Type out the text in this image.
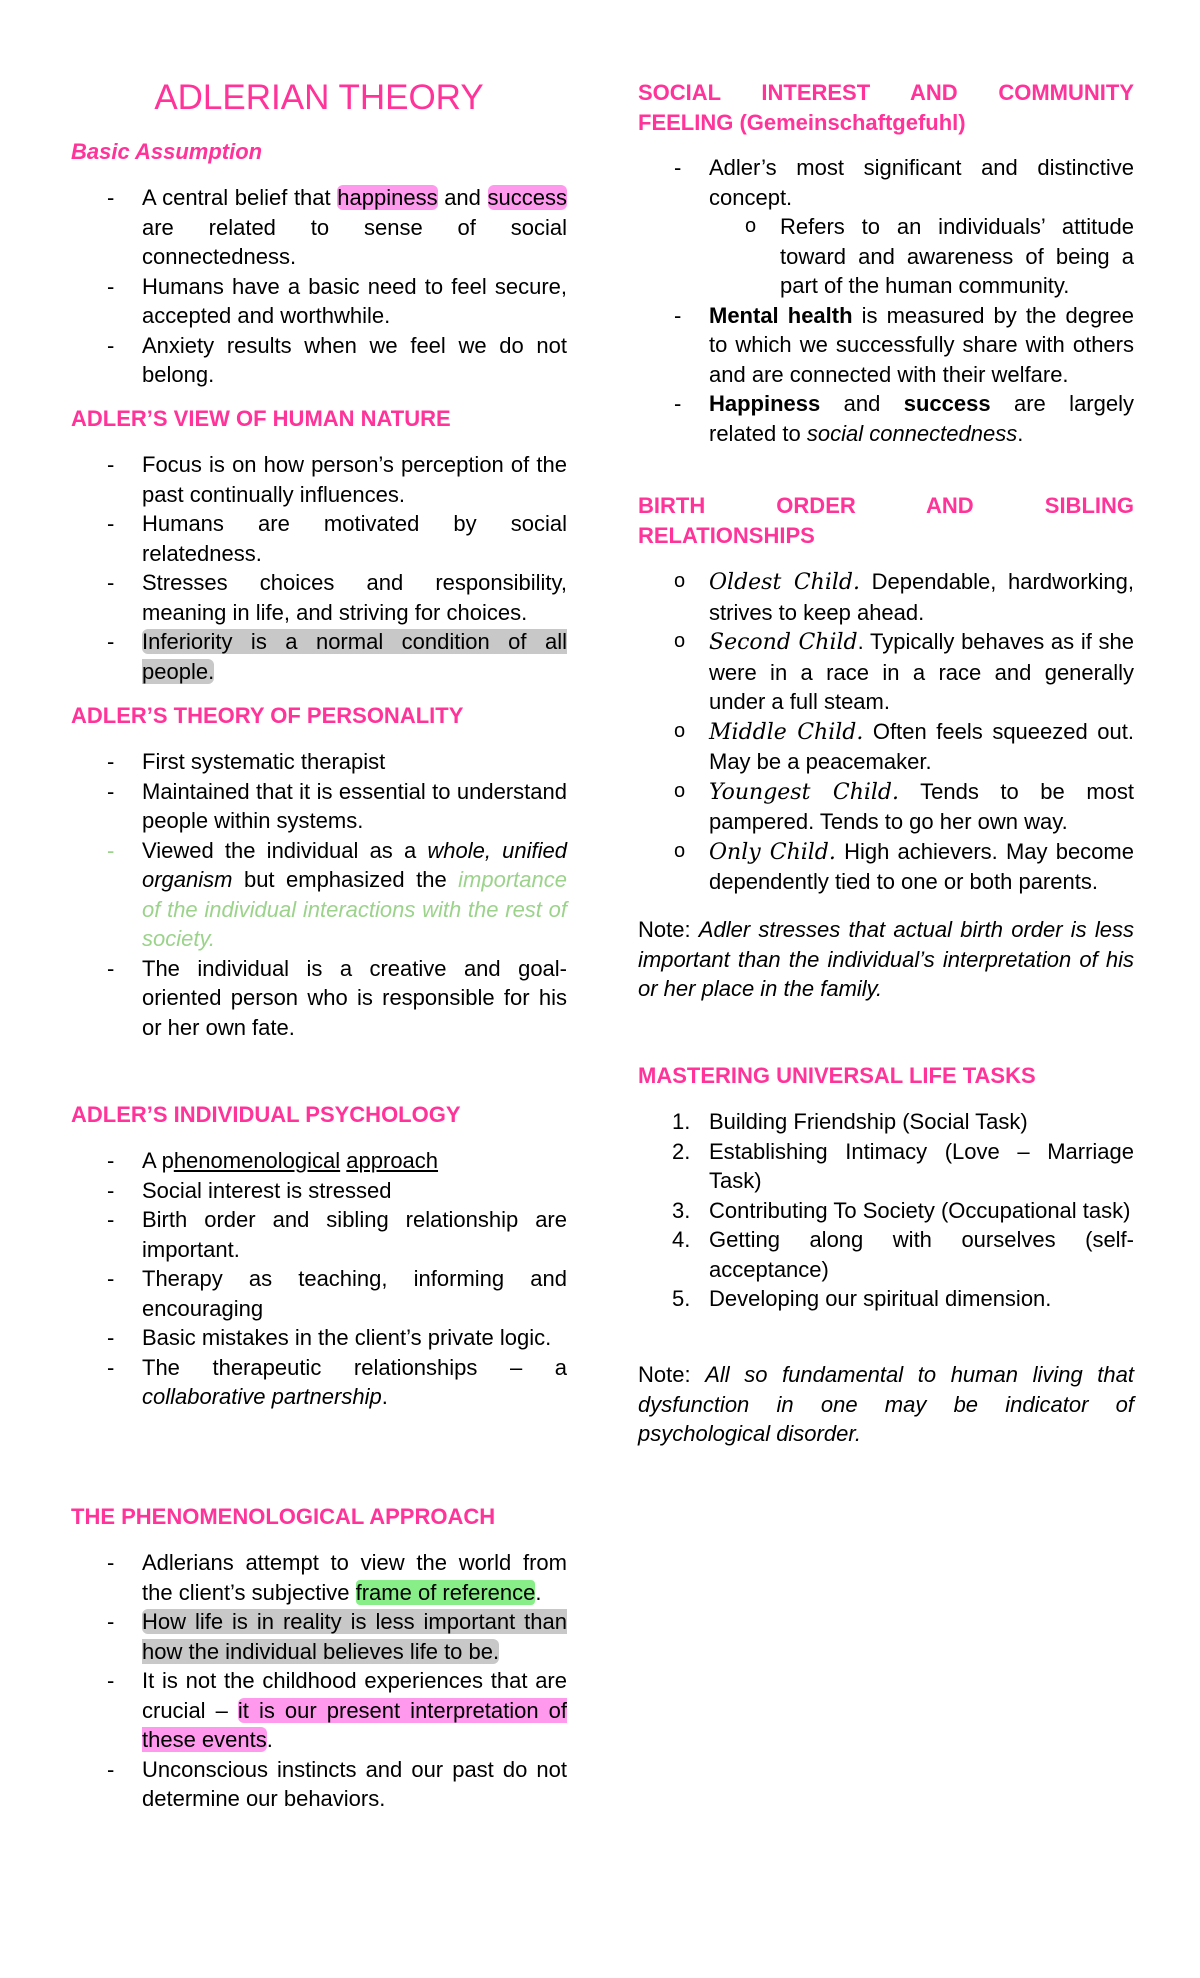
ADLERIAN THEORY
Basic Assumption
- A central belief that happiness and success are related to sense of social connectedness.
- Humans have a basic need to feel secure, accepted and worthwhile.
- Anxiety results when we feel we do not belong.
ADLER’S VIEW OF HUMAN NATURE
- Focus is on how person’s perception of the past continually influences.
- Humans are motivated by social relatedness.
- Stresses choices and responsibility, meaning in life, and striving for choices.
- Inferiority is a normal condition of all people.
ADLER’S THEORY OF PERSONALITY
- First systematic therapist
- Maintained that it is essential to understand people within systems.
- Viewed the individual as a whole, unified organism but emphasized the importance of the individual interactions with the rest of society.
- The individual is a creative and goal-oriented person who is responsible for his or her own fate.
ADLER’S INDIVIDUAL PSYCHOLOGY
- A phenomenological approach
- Social interest is stressed
- Birth order and sibling relationship are important.
- Therapy as teaching, informing and encouraging
- Basic mistakes in the client’s private logic.
- The therapeutic relationships – a collaborative partnership.
THE PHENOMENOLOGICAL APPROACH
- Adlerians attempt to view the world from the client’s subjective frame of reference.
- How life is in reality is less important than how the individual believes life to be.
- It is not the childhood experiences that are crucial – it is our present interpretation of these events.
- Unconscious instincts and our past do not determine our behaviors.
SOCIAL INTEREST AND COMMUNITY
FEELING (Gemeinschaftgefuhl)
- Adler’s most significant and distinctive concept.
o Refers to an individuals’ attitude toward and awareness of being a part of the human community.
- Mental health is measured by the degree to which we successfully share with others and are connected with their welfare.
- Happiness and success are largely related to social connectedness.
BIRTH ORDER AND SIBLING
RELATIONSHIPS
o Oldest Child. Dependable, hardworking, strives to keep ahead.
o Second Child. Typically behaves as if she were in a race in a race and generally under a full steam.
o Middle Child. Often feels squeezed out. May be a peacemaker.
o Youngest Child. Tends to be most pampered. Tends to go her own way.
o Only Child. High achievers. May become dependently tied to one or both parents.

Note: Adler stresses that actual birth order is less important than the individual’s interpretation of his or her place in the family.

MASTERING UNIVERSAL LIFE TASKS
1. Building Friendship (Social Task)
2. Establishing Intimacy (Love – Marriage Task)
3. Contributing To Society (Occupational task)
4. Getting along with ourselves (self-acceptance)
5. Developing our spiritual dimension.

Note: All so fundamental to human living that dysfunction in one may be indicator of psychological disorder.
